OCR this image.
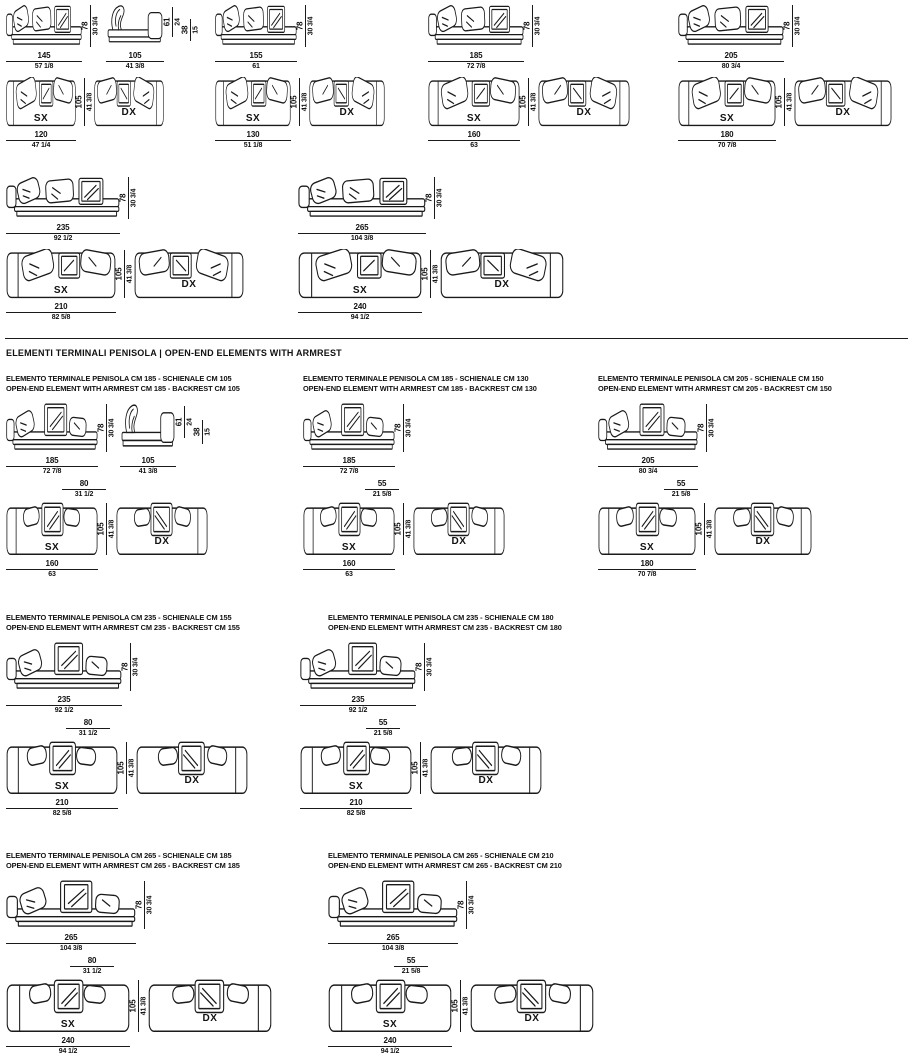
145
57 1/8
78 30 3/4
105
41 3/8
61 24
38 15
SX
120
47 1/4
105 41 3/8
DX
155
61
78 30 3/4
SX
130
51 1/8
105 41 3/8
DX
185
72 7/8
78 30 3/4
SX
160
63
105 41 3/8
DX
205
80 3/4
78 30 3/4
SX
180
70 7/8
105 41 3/8
DX
235
92 1/2
78 30 3/4
SX
210
82 5/8
105 41 3/8
DX
265
104 3/8
78 30 3/4
SX
240
94 1/2
105 41 3/8
DX
ELEMENTI TERMINALI PENISOLA | OPEN-END ELEMENTS WITH ARMREST
ELEMENTO TERMINALE PENISOLA CM 185 - SCHIENALE CM 105
OPEN-END ELEMENT WITH ARMREST CM 185 - BACKREST CM 105
185
72 7/8
78 30 3/4
105
41 3/8
61 24
38 15
80
31 1/2
SX
160
63
105 41 3/8
DX
ELEMENTO TERMINALE PENISOLA CM 185 - SCHIENALE CM 130
OPEN-END ELEMENT WITH ARMREST CM 185 - BACKREST CM 130
185
72 7/8
78 30 3/4
55
21 5/8
SX
160
63
105 41 3/8
DX
ELEMENTO TERMINALE PENISOLA CM 205 - SCHIENALE CM 150
OPEN-END ELEMENT WITH ARMREST CM 205 - BACKREST CM 150
205
80 3/4
78 30 3/4
55
21 5/8
SX
180
70 7/8
105 41 3/8
DX
ELEMENTO TERMINALE PENISOLA CM 235 - SCHIENALE CM 155
OPEN-END ELEMENT WITH ARMREST CM 235 - BACKREST CM 155
235
92 1/2
78 30 3/4
80
31 1/2
SX
210
82 5/8
105 41 3/8
DX
ELEMENTO TERMINALE PENISOLA CM 235 - SCHIENALE CM 180
OPEN-END ELEMENT WITH ARMREST CM 235 - BACKREST CM 180
235
92 1/2
78 30 3/4
55
21 5/8
SX
210
82 5/8
105 41 3/8
DX
ELEMENTO TERMINALE PENISOLA CM 265 - SCHIENALE CM 185
OPEN-END ELEMENT WITH ARMREST CM 265 - BACKREST CM 185
265
104 3/8
78 30 3/4
80
31 1/2
SX
240
94 1/2
105 41 3/8
DX
ELEMENTO TERMINALE PENISOLA CM 265 - SCHIENALE CM 210
OPEN-END ELEMENT WITH ARMREST CM 265 - BACKREST CM 210
265
104 3/8
78 30 3/4
55
21 5/8
SX
240
94 1/2
105 41 3/8
DX
